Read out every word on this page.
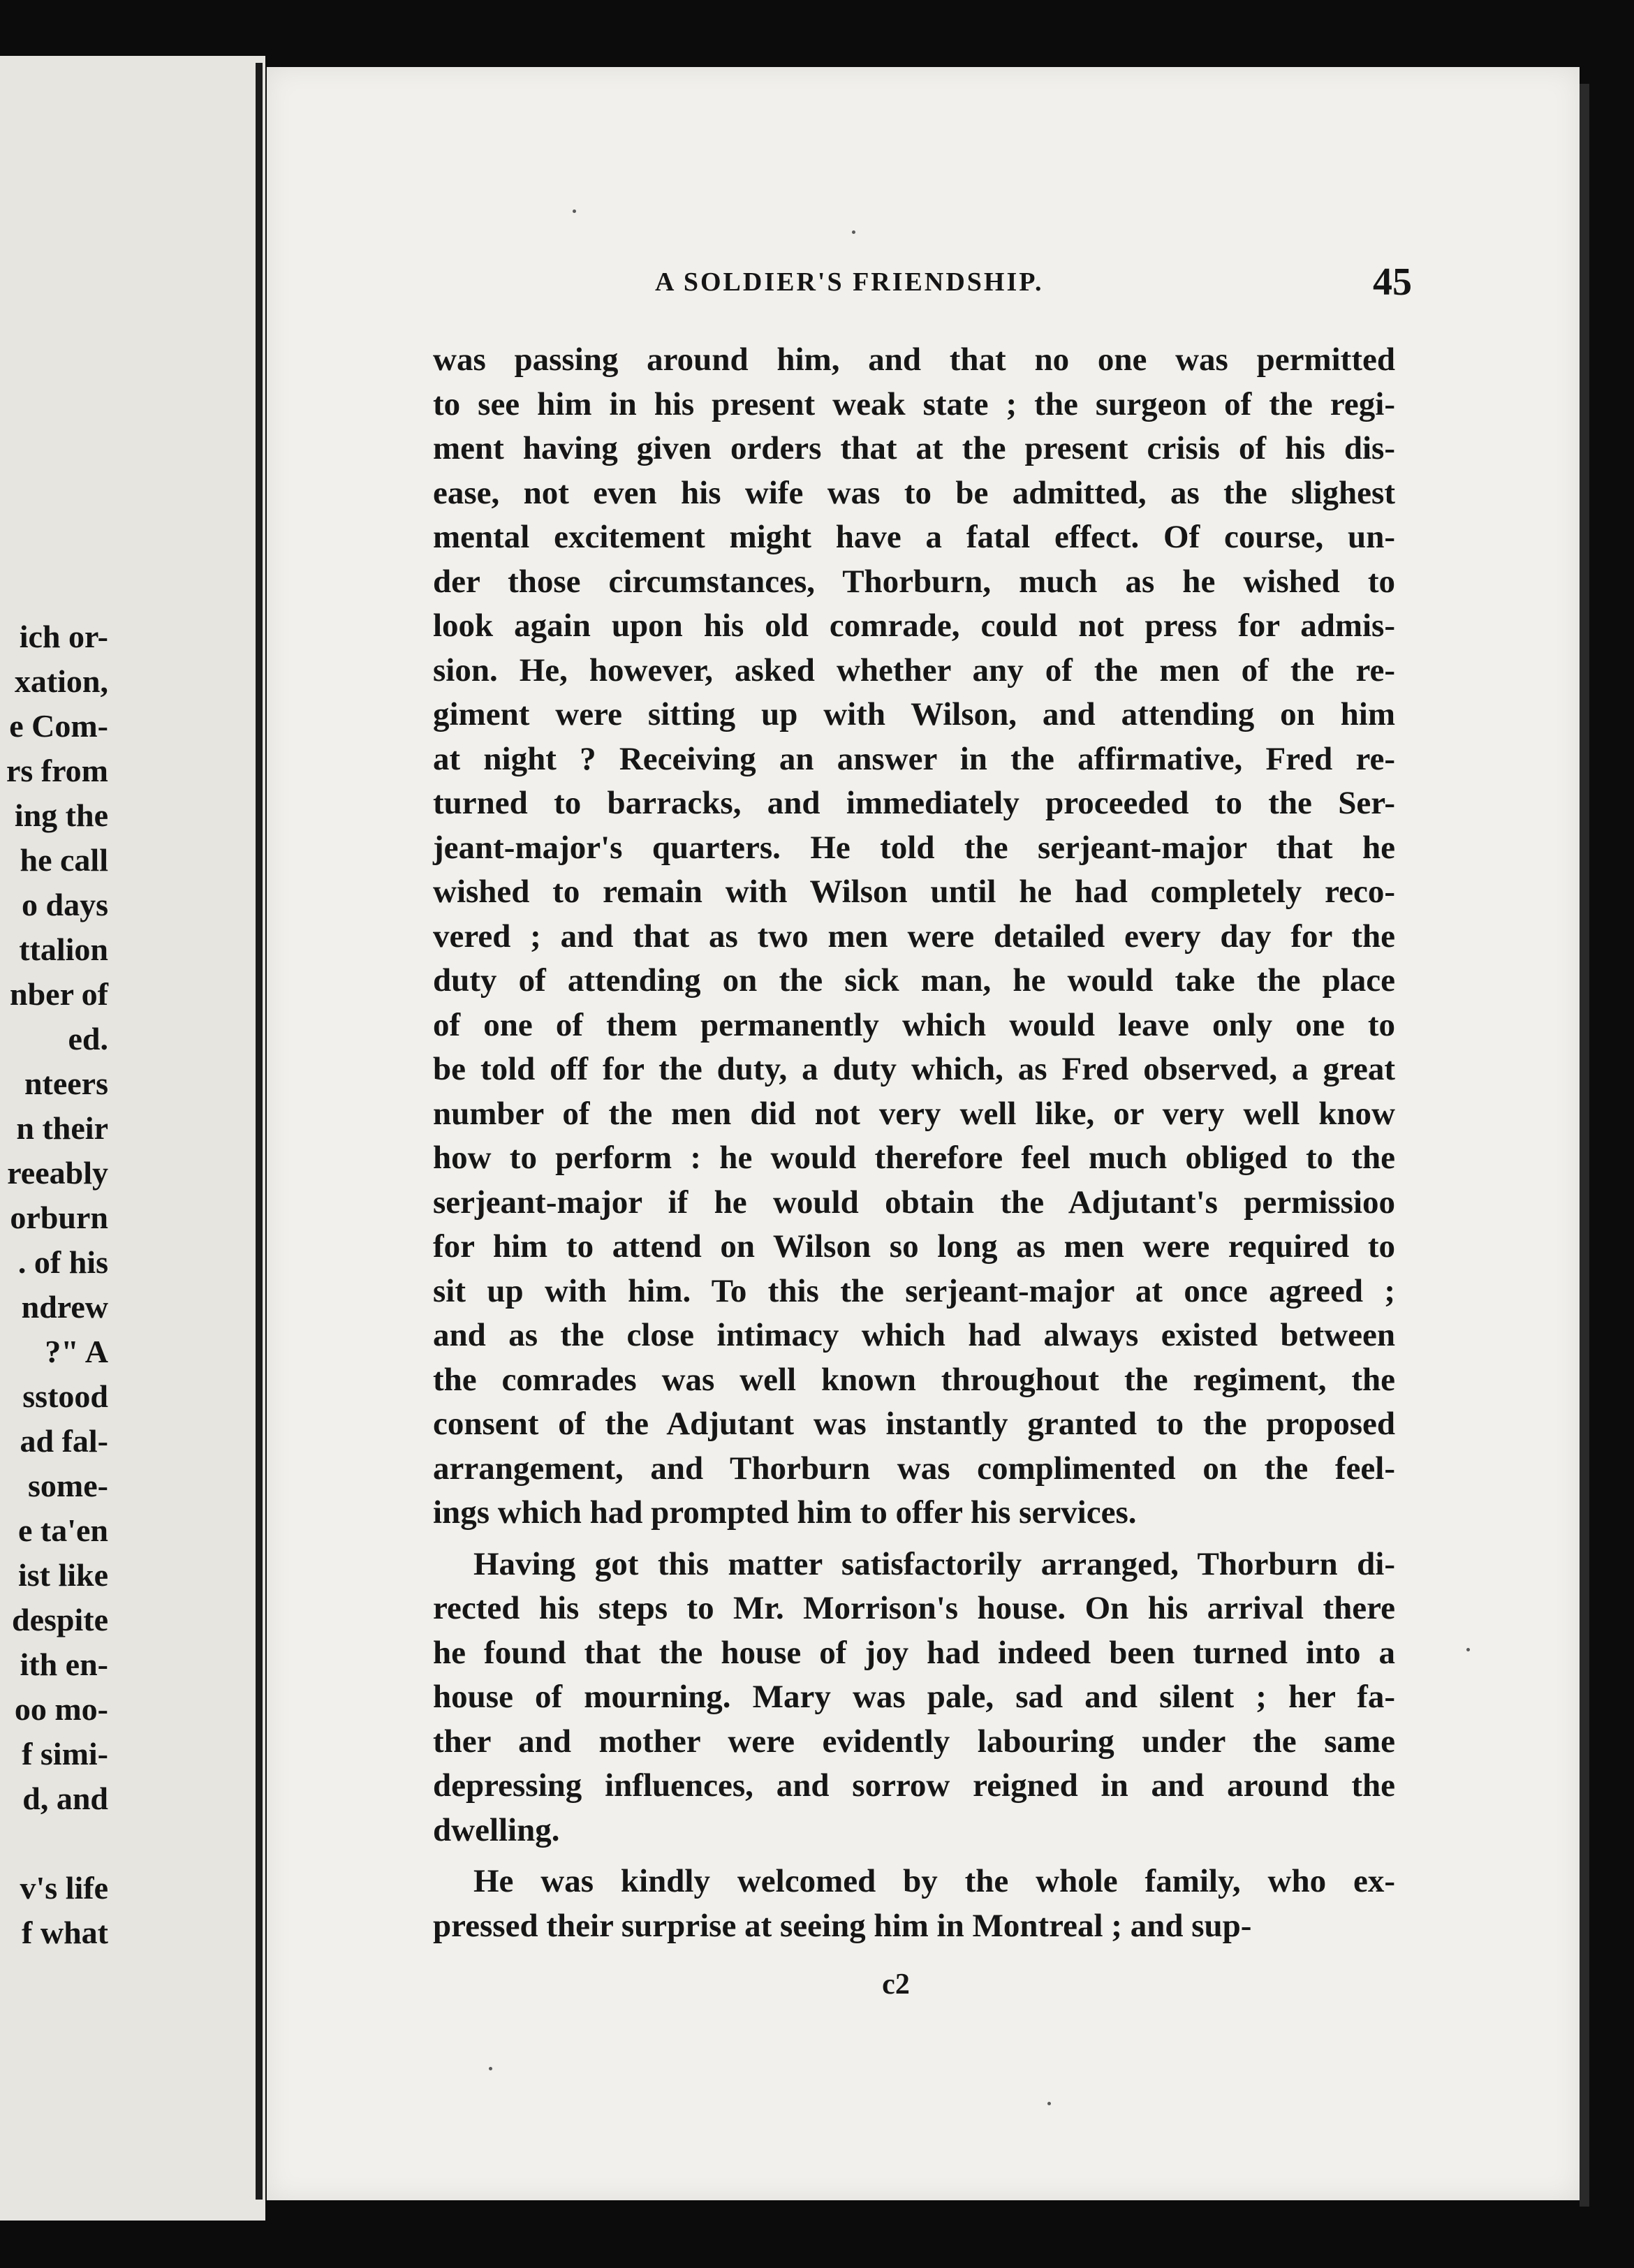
ich or-
xation,
e Com-
rs from
ing the
he call
o days
ttalion
nber of
ed.
nteers
n their
reeably
orburn
. of his
ndrew
?" A
sstood
ad fal-
some-
e ta'en
ist like
despite
ith en-
oo mo-
f simi-
d, and
v's life
f what
A SOLDIER'S FRIENDSHIP.	45
was passing around him, and that no one was permitted
to see him in his present weak state ; the surgeon of the regi-
ment having given orders that at the present crisis of his dis-
ease, not even his wife was to be admitted, as the slighest
mental excitement might have a fatal effect. Of course, un-
der those circumstances, Thorburn, much as he wished to
look again upon his old comrade, could not press for admis-
sion. He, however, asked whether any of the men of the re-
giment were sitting up with Wilson, and attending on him
at night ? Receiving an answer in the affirmative, Fred re-
turned to barracks, and immediately proceeded to the Ser-
jeant-major's quarters. He told the serjeant-major that he
wished to remain with Wilson until he had completely reco-
vered ; and that as two men were detailed every day for the
duty of attending on the sick man, he would take the place
of one of them permanently which would leave only one to
be told off for the duty, a duty which, as Fred observed, a great
number of the men did not very well like, or very well know
how to perform : he would therefore feel much obliged to the
serjeant-major if he would obtain the Adjutant's permissioo
for him to attend on Wilson so long as men were required to
sit up with him. To this the serjeant-major at once agreed ;
and as the close intimacy which had always existed between
the comrades was well known throughout the regiment, the
consent of the Adjutant was instantly granted to the proposed
arrangement, and Thorburn was complimented on the feel-
ings which had prompted him to offer his services.
Having got this matter satisfactorily arranged, Thorburn di-
rected his steps to Mr. Morrison's house. On his arrival there
he found that the house of joy had indeed been turned into a
house of mourning. Mary was pale, sad and silent ; her fa-
ther and mother were evidently labouring under the same
depressing influences, and sorrow reigned in and around the
dwelling.
He was kindly welcomed by the whole family, who ex-
pressed their surprise at seeing him in Montreal ; and sup-
c2
